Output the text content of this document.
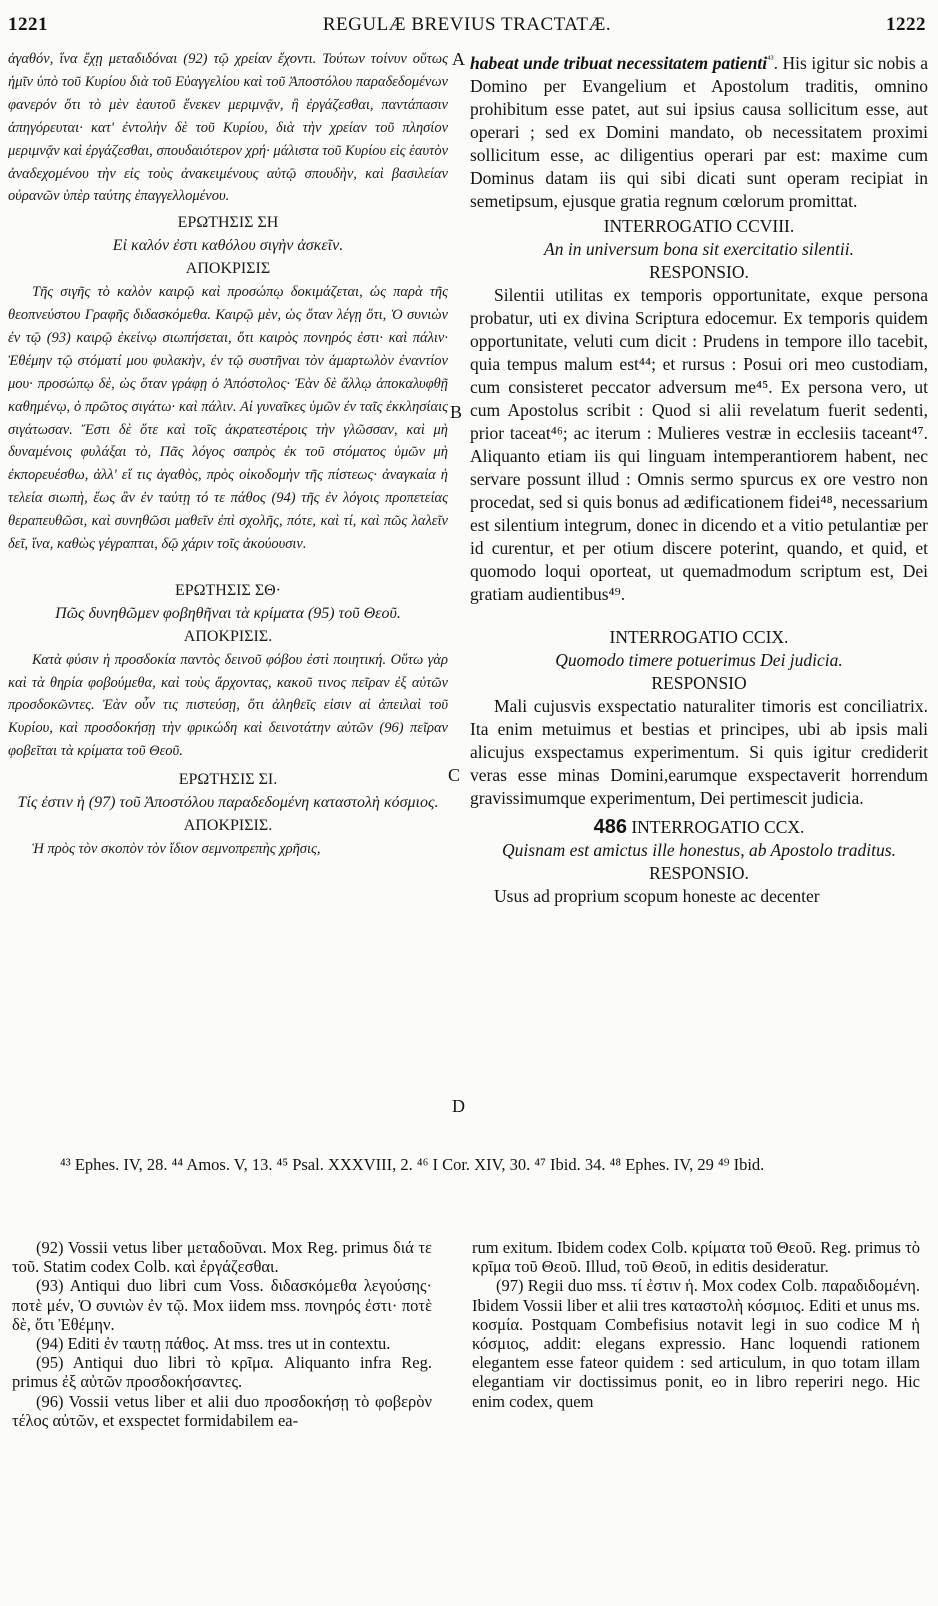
1221	REGULÆ BREVIUS TRACTATÆ.	1222
ἀγαθόν, ἵνα ἔχῃ μεταδιδόναι (92) τῷ χρείαν ἔχοντι. Τούτων τοίνυν οὕτως ἡμῖν ὑπὸ τοῦ Κυρίου διὰ τοῦ Εὐαγγελίου καὶ τοῦ Ἀποστόλου παραδεδομένων φανερόν ὅτι τὸ μὲν ἑαυτοῦ ἕνεκεν μεριμνᾷν, ἢ ἐργάζεσθαι, παντάπασιν ἀπηγόρευται· κατ' ἐντολὴν δὲ τοῦ Κυρίου, διὰ τὴν χρείαν τοῦ πλησίον μεριμνᾷν καὶ ἐργάζεσθαι, σπουδαιότερον χρή· μάλιστα τοῦ Κυρίου εἰς ἑαυτὸν ἀναδεχομένου τὴν εἰς τοὺς ἀνακειμένους αὐτῷ σπουδὴν, καὶ βασιλείαν οὐρανῶν ὑπὲρ ταύτης ἐπαγγελλομένου.
ΕΡΩΤΗΣΙΣ ΣΗ
Εἰ καλόν ἐστι καθόλου σιγὴν ἀσκεῖν.
ΑΠΟΚΡΙΣΙΣ
Τῆς σιγῆς τὸ καλὸν καιρῷ καὶ προσώπῳ δοκιμάζεται, ὡς παρὰ τῆς θεοπνεύστου Γραφῆς διδασκόμεθα. Καιρῷ μὲν, ὡς ὅταν λέγῃ ὅτι, Ὁ συνιὼν ἐν τῷ (93) καιρῷ ἐκείνῳ σιωπήσεται, ὅτι καιρὸς πονηρός ἐστι· καὶ πάλιν· Ἐθέμην τῷ στόματί μου φυλακὴν, ἐν τῷ συστῆναι τὸν ἁμαρτωλὸν ἐναντίον μου· προσώπῳ δὲ, ὡς ὅταν γράφῃ ὁ Ἀπόστολος· Ἐὰν δὲ ἄλλῳ ἀποκαλυφθῇ καθημένῳ, ὁ πρῶτος σιγάτω· καὶ πάλιν. Αἱ γυναῖκες ὑμῶν ἐν ταῖς ἐκκλησίαις σιγάτωσαν. Ἔστι δὲ ὅτε καὶ τοῖς ἀκρατεστέροις τὴν γλῶσσαν, καὶ μὴ δυναμένοις φυλάξαι τὸ, Πᾶς λόγος σαπρὸς ἐκ τοῦ στόματος ὑμῶν μὴ ἐκπορευέσθω, ἀλλ' εἴ τις ἀγαθὸς, πρὸς οἰκοδομὴν τῆς πίστεως· ἀναγκαία ἡ τελεία σιωπὴ, ἕως ἂν ἐν ταύτῃ τό τε πάθος (94) τῆς ἐν λόγοις προπετείας θεραπευθῶσι, καὶ συνηθῶσι μαθεῖν ἐπὶ σχολῆς, πότε, καὶ τί, καὶ πῶς λαλεῖν δεῖ, ἵνα, καθὼς γέγραπται, δῷ χάριν τοῖς ἀκούουσιν.
ΕΡΩΤΗΣΙΣ ΣΘ·
Πῶς δυνηθῶμεν φοβηθῆναι τὰ κρίματα (95) τοῦ Θεοῦ.
ΑΠΟΚΡΙΣΙΣ.
Κατὰ φύσιν ἡ προσδοκία παντὸς δεινοῦ φόβου ἐστὶ ποιητική. Οὕτω γὰρ καὶ τὰ θηρία φοβούμεθα, καὶ τοὺς ἄρχοντας, κακοῦ τινος πεῖραν ἐξ αὐτῶν προσδοκῶντες. Ἐὰν οὖν τις πιστεύσῃ, ὅτι ἀληθεῖς εἰσιν αἱ ἀπειλαὶ τοῦ Κυρίου, καὶ προσδοκήσῃ τὴν φρικώδη καὶ δεινοτάτην αὐτῶν (96) πεῖραν φοβεῖται τὰ κρίματα τοῦ Θεοῦ.
ΕΡΩΤΗΣΙΣ ΣΙ.
Τίς ἐστιν ἡ (97) τοῦ Ἀποστόλου παραδεδομένη καταστολὴ κόσμιος.
ΑΠΟΚΡΙΣΙΣ.
Ἡ πρὸς τὸν σκοπὸν τὸν ἴδιον σεμνοπρεπὴς χρῆσις,
A
B
C
D
habeat unde tribuat necessitatem patienti$^{^{43}}$. His igitur sic nobis a Domino per Evangelium et Apostolum traditis, omnino prohibitum esse patet, aut sui ipsius causa sollicitum esse, aut operari ; sed ex Domini mandato, ob necessitatem proximi sollicitum esse, ac diligentius operari par est: maxime cum Dominus datam iis qui sibi dicati sunt operam recipiat in semetipsum, ejusque gratia regnum cœlorum promittat.
INTERROGATIO CCVIII.
An in universum bona sit exercitatio silentii.
RESPONSIO.
Silentii utilitas ex temporis opportunitate, exque persona probatur, uti ex divina Scriptura edocemur. Ex temporis quidem opportunitate, veluti cum dicit : Prudens in tempore illo tacebit, quia tempus malum est⁴⁴; et rursus : Posui ori meo custodiam, cum consisteret peccator adversum me⁴⁵. Ex persona vero, ut cum Apostolus scribit : Quod si alii revelatum fuerit sedenti, prior taceat⁴⁶; ac iterum : Mulieres vestræ in ecclesiis taceant⁴⁷. Aliquanto etiam iis qui linguam intemperantiorem habent, nec servare possunt illud : Omnis sermo spurcus ex ore vestro non procedat, sed si quis bonus ad ædificationem fidei⁴⁸, necessarium est silentium integrum, donec in dicendo et a vitio petulantiæ per id curentur, et per otium discere poterint, quando, et quid, et quomodo loqui oporteat, ut quemadmodum scriptum est, Dei gratiam audientibus⁴⁹.
INTERROGATIO CCIX.
Quomodo timere potuerimus Dei judicia.
RESPONSIO
Mali cujusvis exspectatio naturaliter timoris est conciliatrix. Ita enim metuimus et bestias et principes, ubi ab ipsis mali alicujus exspectamus experimentum. Si quis igitur crediderit veras esse minas Domini,earumque exspectaverit horrendum gravissimumque experimentum, Dei pertimescit judicia.
486 INTERROGATIO CCX.
Quisnam est amictus ille honestus, ab Apostolo traditus.
RESPONSIO.
Usus ad proprium scopum honeste ac decenter
⁴³ Ephes. IV, 28. ⁴⁴ Amos. V, 13. ⁴⁵ Psal. XXXVIII, 2. ⁴⁶ I Cor. XIV, 30. ⁴⁷ Ibid. 34. ⁴⁸ Ephes. IV, 29 ⁴⁹ Ibid.

(92) Vossii vetus liber μεταδοῦναι. Mox Reg. primus διά τε τοῦ. Statim codex Colb. καὶ ἐργάζεσθαι.

(93) Antiqui duo libri cum Voss. διδασκόμεθα λεγούσης· ποτὲ μέν, Ὁ συνιὼν ἐν τῷ. Mox iidem mss. πονηρός ἐστι· ποτὲ δὲ, ὅτι Ἐθέμην.

(94) Editi ἐν ταυτῃ πάθος. At mss. tres ut in contextu.

(95) Antiqui duo libri τὸ κρῖμα. Aliquanto infra Reg. primus ἐξ αὐτῶν προσδοκήσαντες.

(96) Vossii vetus liber et alii duo προσδοκήσῃ τὸ φοβερὸν τέλος αὐτῶν, et exspectet formidabilem ea-

rum exitum. Ibidem codex Colb. κρίματα τοῦ Θεοῦ. Reg. primus τὸ κρῖμα τοῦ Θεοῦ. Illud, τοῦ Θεοῦ, in editis desideratur.

(97) Regii duo mss. τί ἐστιν ἡ. Mox codex Colb. παραδιδομένη. Ibidem Vossii liber et alii tres καταστολὴ κόσμιος. Editi et unus ms. κοσμία. Postquam Combefisius notavit legi in suo codice M ἡ κόσμιος, addit: elegans expressio. Hanc loquendi rationem elegantem esse fateor quidem : sed articulum, in quo totam illam elegantiam vir doctissimus ponit, eo in libro reperiri nego. Hic enim codex, quem
